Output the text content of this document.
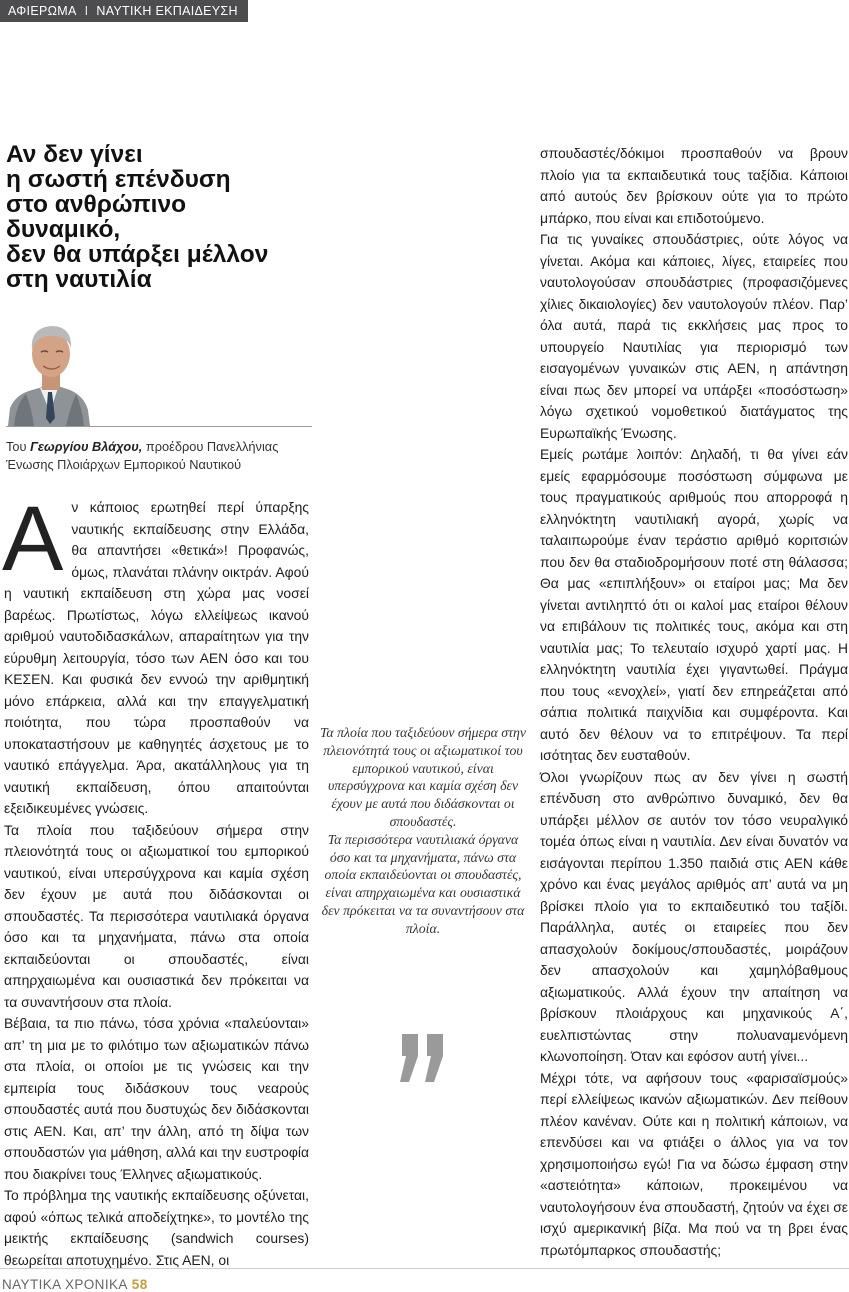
ΑΦΙΕΡΩΜΑ I ΝΑΥΤΙΚΗ ΕΚΠΑΙΔΕΥΣΗ
Αν δεν γίνει
η σωστή επένδυση
στο ανθρώπινο
δυναμικό,
δεν θα υπάρξει μέλλον
στη ναυτιλία
Του Γεωργίου Βλάχου, προέδρου Πανελλήνιας Ένωσης Πλοιάρχων Εμπορικού Ναυτικού

Αν κάποιος ερωτηθεί περί ύπαρξης ναυτικής εκπαίδευσης στην Ελλάδα, θα απαντήσει «θετικά»! Προφανώς, όμως, πλανάται πλάνην οικτράν. Αφού η ναυτική εκπαίδευση στη χώρα μας νοσεί βαρέως. Πρωτίστως, λόγω ελλείψεως ικανού αριθμού ναυτοδιδασκάλων, απαραίτητων για την εύρυθμη λειτουργία, τόσο των ΑΕΝ όσο και του ΚΕΣΕΝ. Και φυσικά δεν εννοώ την αριθμητική μόνο επάρκεια, αλλά και την επαγγελματική ποιότητα, που τώρα προσπαθούν να υποκαταστήσουν με καθηγητές άσχετους με το ναυτικό επάγγελμα. Άρα, ακατάλληλους για τη ναυτική εκπαίδευση, όπου απαιτούνται εξειδικευμένες γνώσεις.

Τα πλοία που ταξιδεύουν σήμερα στην πλειονότητά τους οι αξιωματικοί του εμπορικού ναυτικού, είναι υπερσύγχρονα και καμία σχέση δεν έχουν με αυτά που διδάσκονται οι σπουδαστές. Τα περισσότερα ναυτιλιακά όργανα όσο και τα μηχανήματα, πάνω στα οποία εκπαιδεύονται οι σπουδαστές, είναι απηρχαιωμένα και ουσιαστικά δεν πρόκειται να τα συναντήσουν στα πλοία.

Βέβαια, τα πιο πάνω, τόσα χρόνια «παλεύονται» απ’ τη μια με το φιλότιμο των αξιωματικών πάνω στα πλοία, οι οποίοι με τις γνώσεις και την εμπειρία τους διδάσκουν τους νεαρούς σπουδαστές αυτά που δυστυχώς δεν διδάσκονται στις ΑΕΝ. Και, απ’ την άλλη, από τη δίψα των σπουδαστών για μάθηση, αλλά και την ευστροφία που διακρίνει τους Έλληνες αξιωματικούς.

Το πρόβλημα της ναυτικής εκπαίδευσης οξύνεται, αφού «όπως τελικά αποδείχτηκε», το μοντέλο της μεικτής εκπαίδευσης (sandwich courses) θεωρείται αποτυχημένο. Στις ΑΕΝ, οι

Τα πλοία που ταξιδεύουν σήμερα στην πλειονότητά τους οι αξιωματικοί του εμπορικού ναυτικού, είναι υπερσύγχρονα και καμία σχέση δεν έχουν με αυτά που διδάσκονται οι σπουδαστές.

Τα περισσότερα ναυτιλιακά όργανα όσο και τα μηχανήματα, πάνω στα οποία εκπαιδεύονται οι σπουδαστές, είναι απηρχαιωμένα και ουσιαστικά δεν πρόκειται να τα συναντήσουν στα πλοία.

”

σπουδαστές/δόκιμοι προσπαθούν να βρουν πλοίο για τα εκπαιδευτικά τους ταξίδια. Κάποιοι από αυτούς δεν βρίσκουν ούτε για το πρώτο μπάρκο, που είναι και επιδοτούμενο.

Για τις γυναίκες σπουδάστριες, ούτε λόγος να γίνεται. Ακόμα και κάποιες, λίγες, εταιρείες που ναυτολογούσαν σπουδάστριες (προφασιζόμενες χίλιες δικαιολογίες) δεν ναυτολογούν πλέον. Παρ’ όλα αυτά, παρά τις εκκλήσεις μας προς το υπουργείο Ναυτιλίας για περιορισμό των εισαγομένων γυναικών στις ΑΕΝ, η απάντηση είναι πως δεν μπορεί να υπάρξει «ποσόστωση» λόγω σχετικού νομοθετικού διατάγματος της Ευρωπαϊκής Ένωσης.

Εμείς ρωτάμε λοιπόν: Δηλαδή, τι θα γίνει εάν εμείς εφαρμόσουμε ποσόστωση σύμφωνα με τους πραγματικούς αριθμούς που απορροφά η ελληνόκτητη ναυτιλιακή αγορά, χωρίς να ταλαιπωρούμε έναν τεράστιο αριθμό κοριτσιών που δεν θα σταδιοδρομήσουν ποτέ στη θάλασσα; Θα μας «επιπλήξουν» οι εταίροι μας; Μα δεν γίνεται αντιληπτό ότι οι καλοί μας εταίροι θέλουν να επιβάλουν τις πολιτικές τους, ακόμα και στη ναυτιλία μας; Το τελευταίο ισχυρό χαρτί μας. Η ελληνόκτητη ναυτιλία έχει γιγαντωθεί. Πράγμα που τους «ενοχλεί», γιατί δεν επηρεάζεται από σάπια πολιτικά παιχνίδια και συμφέροντα. Και αυτό δεν θέλουν να το επιτρέψουν. Τα περί ισότητας δεν ευσταθούν.

Όλοι γνωρίζουν πως αν δεν γίνει η σωστή επένδυση στο ανθρώπινο δυναμικό, δεν θα υπάρξει μέλλον σε αυτόν τον τόσο νευραλγικό τομέα όπως είναι η ναυτιλία. Δεν είναι δυνατόν να εισάγονται περίπου 1.350 παιδιά στις ΑΕΝ κάθε χρόνο και ένας μεγάλος αριθμός απ’ αυτά να μη βρίσκει πλοίο για το εκπαιδευτικό του ταξίδι. Παράλληλα, αυτές οι εταιρείες που δεν απασχολούν δοκίμους/σπουδαστές, μοιράζουν δεν απασχολούν και χαμηλόβαθμους αξιωματικούς. Αλλά έχουν την απαίτηση να βρίσκουν πλοιάρχους και μηχανικούς Α΄, ευελπιστώντας στην πολυαναμενόμενη κλωνοποίηση. Όταν και εφόσον αυτή γίνει...

Μέχρι τότε, να αφήσουν τους «φαρισαϊσμούς» περί ελλείψεως ικανών αξιωματικών. Δεν πείθουν πλέον κανέναν. Ούτε και η πολιτική κάποιων, να επενδύσει και να φτιάξει ο άλλος για να τον χρησιμοποιήσω εγώ! Για να δώσω έμφαση στην «αστειότητα» κάποιων, προκειμένου να ναυτολογήσουν ένα σπουδαστή, ζητούν να έχει σε ισχύ αμερικανική βίζα. Μα πού να τη βρει ένας πρωτόμπαρκος σπουδαστής;

ΝΑΥΤΙΚΑ ΧΡΟΝΙΚΑ 58
